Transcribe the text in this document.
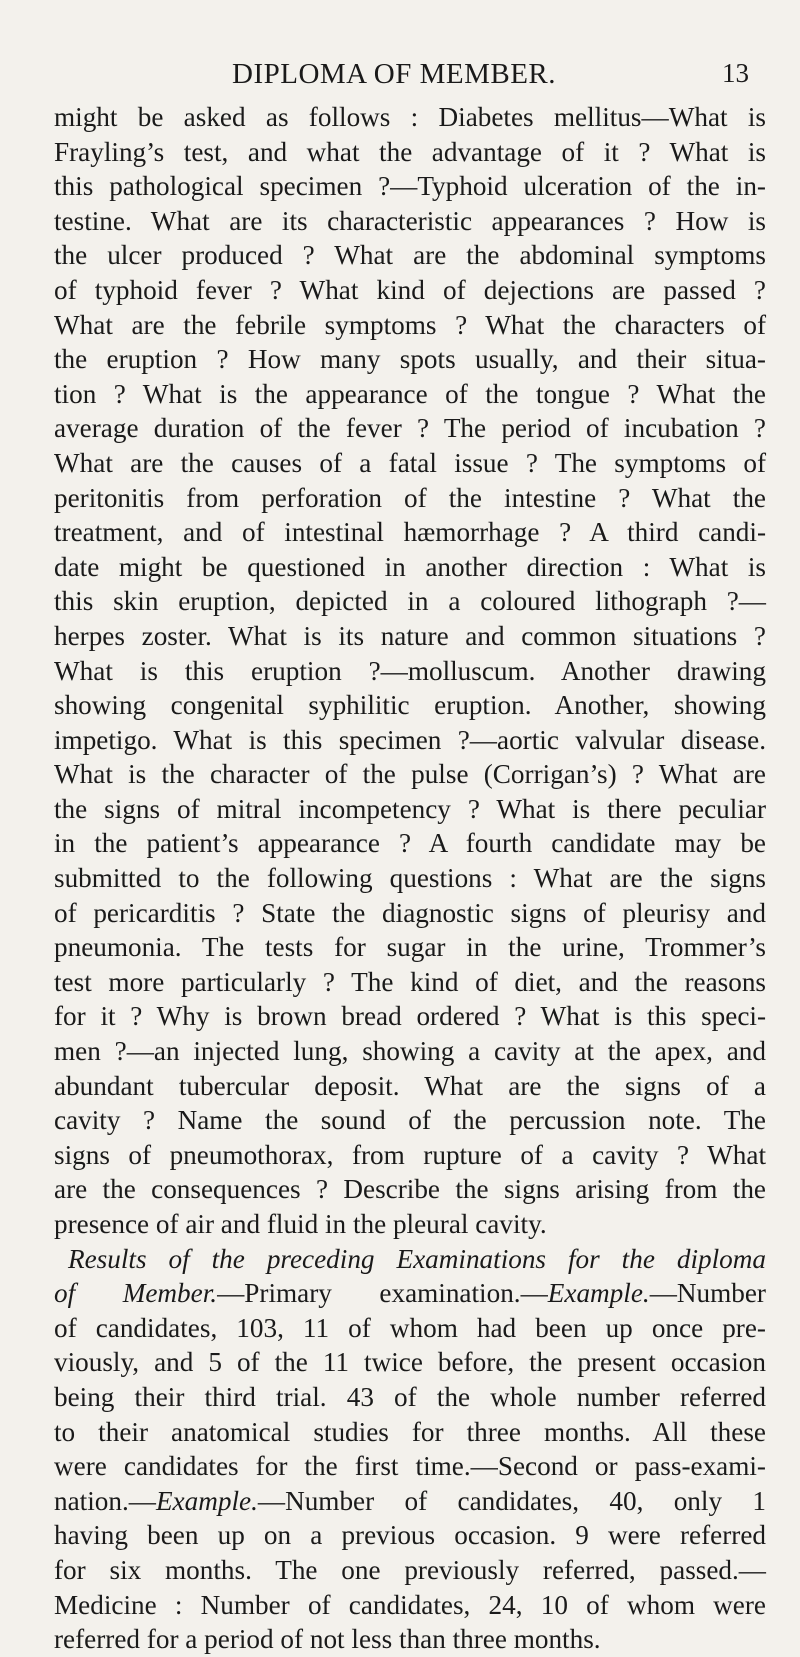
DIPLOMA OF MEMBER.	13
might be asked as follows : Diabetes mellitus—What is
Frayling’s test, and what the advantage of it ? What is
this pathological specimen ?—Typhoid ulceration of the in-
testine. What are its characteristic appearances ? How is
the ulcer produced ? What are the abdominal symptoms
of typhoid fever ? What kind of dejections are passed ?
What are the febrile symptoms ? What the characters of
the eruption ? How many spots usually, and their situa-
tion ? What is the appearance of the tongue ? What the
average duration of the fever ? The period of incubation ?
What are the causes of a fatal issue ? The symptoms of
peritonitis from perforation of the intestine ? What the
treatment, and of intestinal hæmorrhage ? A third candi-
date might be questioned in another direction : What is
this skin eruption, depicted in a coloured lithograph ?—
herpes zoster. What is its nature and common situations ?
What is this eruption ?—molluscum. Another drawing
showing congenital syphilitic eruption. Another, showing
impetigo. What is this specimen ?—aortic valvular disease.
What is the character of the pulse (Corrigan’s) ? What are
the signs of mitral incompetency ? What is there peculiar
in the patient’s appearance ? A fourth candidate may be
submitted to the following questions : What are the signs
of pericarditis ? State the diagnostic signs of pleurisy and
pneumonia. The tests for sugar in the urine, Trommer’s
test more particularly ? The kind of diet, and the reasons
for it ? Why is brown bread ordered ? What is this speci-
men ?—an injected lung, showing a cavity at the apex, and
abundant tubercular deposit. What are the signs of a
cavity ? Name the sound of the percussion note. The
signs of pneumothorax, from rupture of a cavity ? What
are the consequences ? Describe the signs arising from the
presence of air and fluid in the pleural cavity.
Results of the preceding Examinations for the diploma
of Member.—Primary examination.—Example.—Number
of candidates, 103, 11 of whom had been up once pre-
viously, and 5 of the 11 twice before, the present occasion
being their third trial. 43 of the whole number referred
to their anatomical studies for three months. All these
were candidates for the first time.—Second or pass-exami-
nation.—Example.—Number of candidates, 40, only 1
having been up on a previous occasion. 9 were referred
for six months. The one previously referred, passed.—
Medicine : Number of candidates, 24, 10 of whom were
referred for a period of not less than three months.
